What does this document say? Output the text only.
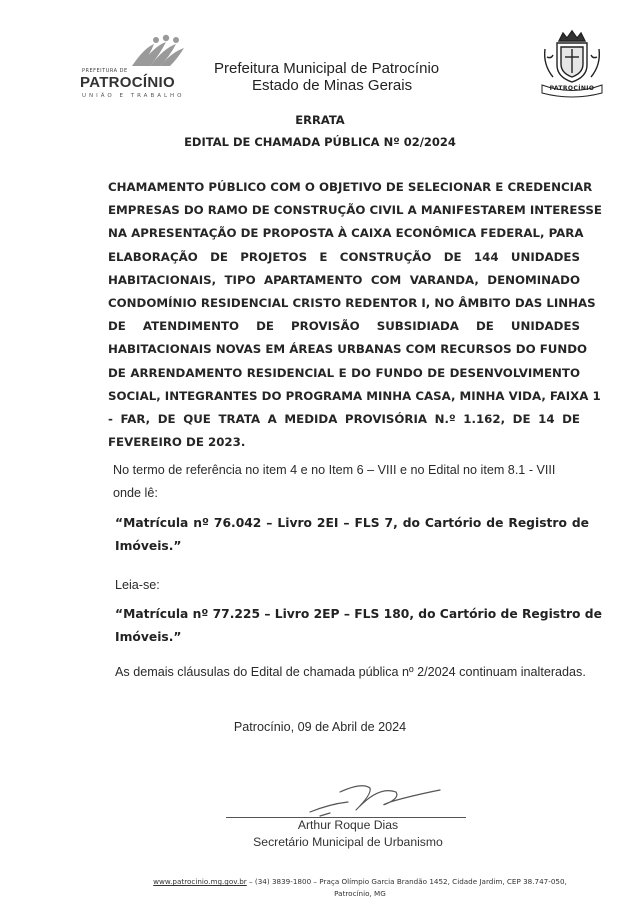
PREFEITURA DE
PATROCÍNIO
UNIÃO E TRABALHO
Prefeitura Municipal de Patrocínio
Estado de Minas Gerais	PATROCÍNIO
ERRATA
EDITAL DE CHAMADA PÚBLICA Nº 02/2024
CHAMAMENTO PÚBLICO COM O OBJETIVO DE SELECIONAR E CREDENCIAR
EMPRESAS DO RAMO DE CONSTRUÇÃO CIVIL A MANIFESTAREM INTERESSE
NA APRESENTAÇÃO DE PROPOSTA À CAIXA ECONÔMICA FEDERAL, PARA
ELABORAÇÃO DE PROJETOS E CONSTRUÇÃO DE 144 UNIDADES
HABITACIONAIS, TIPO APARTAMENTO COM VARANDA, DENOMINADO
CONDOMÍNIO RESIDENCIAL CRISTO REDENTOR I, NO ÂMBITO DAS LINHAS
DE ATENDIMENTO DE PROVISÃO SUBSIDIADA DE UNIDADES
HABITACIONAIS NOVAS EM ÁREAS URBANAS COM RECURSOS DO FUNDO
DE ARRENDAMENTO RESIDENCIAL E DO FUNDO DE DESENVOLVIMENTO
SOCIAL, INTEGRANTES DO PROGRAMA MINHA CASA, MINHA VIDA, FAIXA 1
- FAR, DE QUE TRATA A MEDIDA PROVISÓRIA N.º 1.162, DE 14 DE
FEVEREIRO DE 2023.
No termo de referência no item 4 e no Item 6 – VIII e no Edital no item 8.1 - VIII
onde lê:
“Matrícula nº 76.042 – Livro 2EI – FLS 7, do Cartório de Registro de
Imóveis.”
Leia-se:
“Matrícula nº 77.225 – Livro 2EP – FLS 180, do Cartório de Registro de
Imóveis.”
As demais cláusulas do Edital de chamada pública nº 2/2024 continuam inalteradas.
Patrocínio, 09 de Abril de 2024
Arthur Roque Dias
Secretário Municipal de Urbanismo
www.patrocinio.mg.gov.br – (34) 3839-1800 – Praça Olímpio Garcia Brandão 1452, Cidade Jardim, CEP 38.747-050,
Patrocínio, MG
